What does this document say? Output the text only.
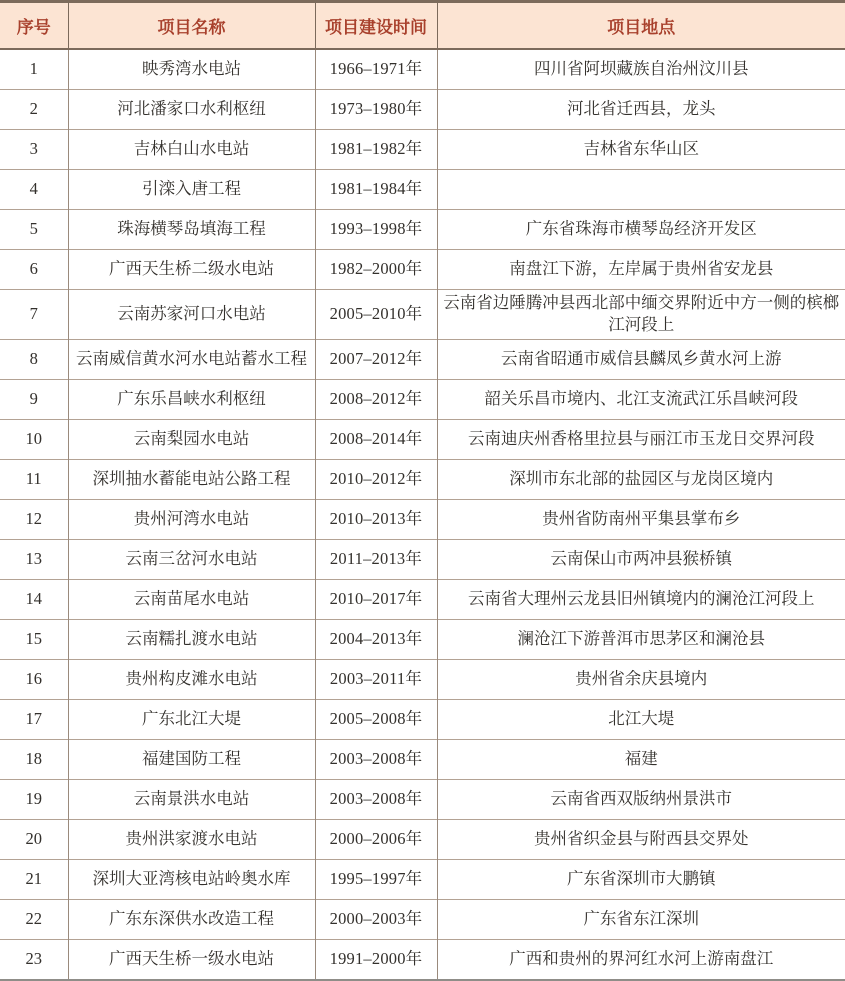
序号	项目名称	项目建设时间	项目地点
1	映秀湾水电站	1966–1971年	四川省阿坝藏族自治州汶川县
2	河北潘家口水利枢纽	1973–1980年	河北省迁西县，龙头
3	吉林白山水电站	1981–1982年	吉林省东华山区
4	引滦入唐工程	1981–1984年	
5	珠海横琴岛填海工程	1993–1998年	广东省珠海市横琴岛经济开发区
6	广西天生桥二级水电站	1982–2000年	南盘江下游，左岸属于贵州省安龙县
7	云南苏家河口水电站	2005–2010年	云南省边陲腾冲县西北部中缅交界附近中方一侧的槟榔江河段上
8	云南威信黄水河水电站蓄水工程	2007–2012年	云南省昭通市威信县麟凤乡黄水河上游
9	广东乐昌峡水利枢纽	2008–2012年	韶关乐昌市境内、北江支流武江乐昌峡河段
10	云南梨园水电站	2008–2014年	云南迪庆州香格里拉县与丽江市玉龙日交界河段
11	深圳抽水蓄能电站公路工程	2010–2012年	深圳市东北部的盐园区与龙岗区境内
12	贵州河湾水电站	2010–2013年	贵州省防南州平集县掌布乡
13	云南三岔河水电站	2011–2013年	云南保山市两冲县猴桥镇
14	云南苗尾水电站	2010–2017年	云南省大理州云龙县旧州镇境内的澜沧江河段上
15	云南糯扎渡水电站	2004–2013年	澜沧江下游普洱市思茅区和澜沧县
16	贵州构皮滩水电站	2003–2011年	贵州省余庆县境内
17	广东北江大堤	2005–2008年	北江大堤
18	福建国防工程	2003–2008年	福建
19	云南景洪水电站	2003–2008年	云南省西双版纳州景洪市
20	贵州洪家渡水电站	2000–2006年	贵州省织金县与附西县交界处
21	深圳大亚湾核电站岭奥水库	1995–1997年	广东省深圳市大鹏镇
22	广东东深供水改造工程	2000–2003年	广东省东江深圳
23	广西天生桥一级水电站	1991–2000年	广西和贵州的界河红水河上游南盘江
